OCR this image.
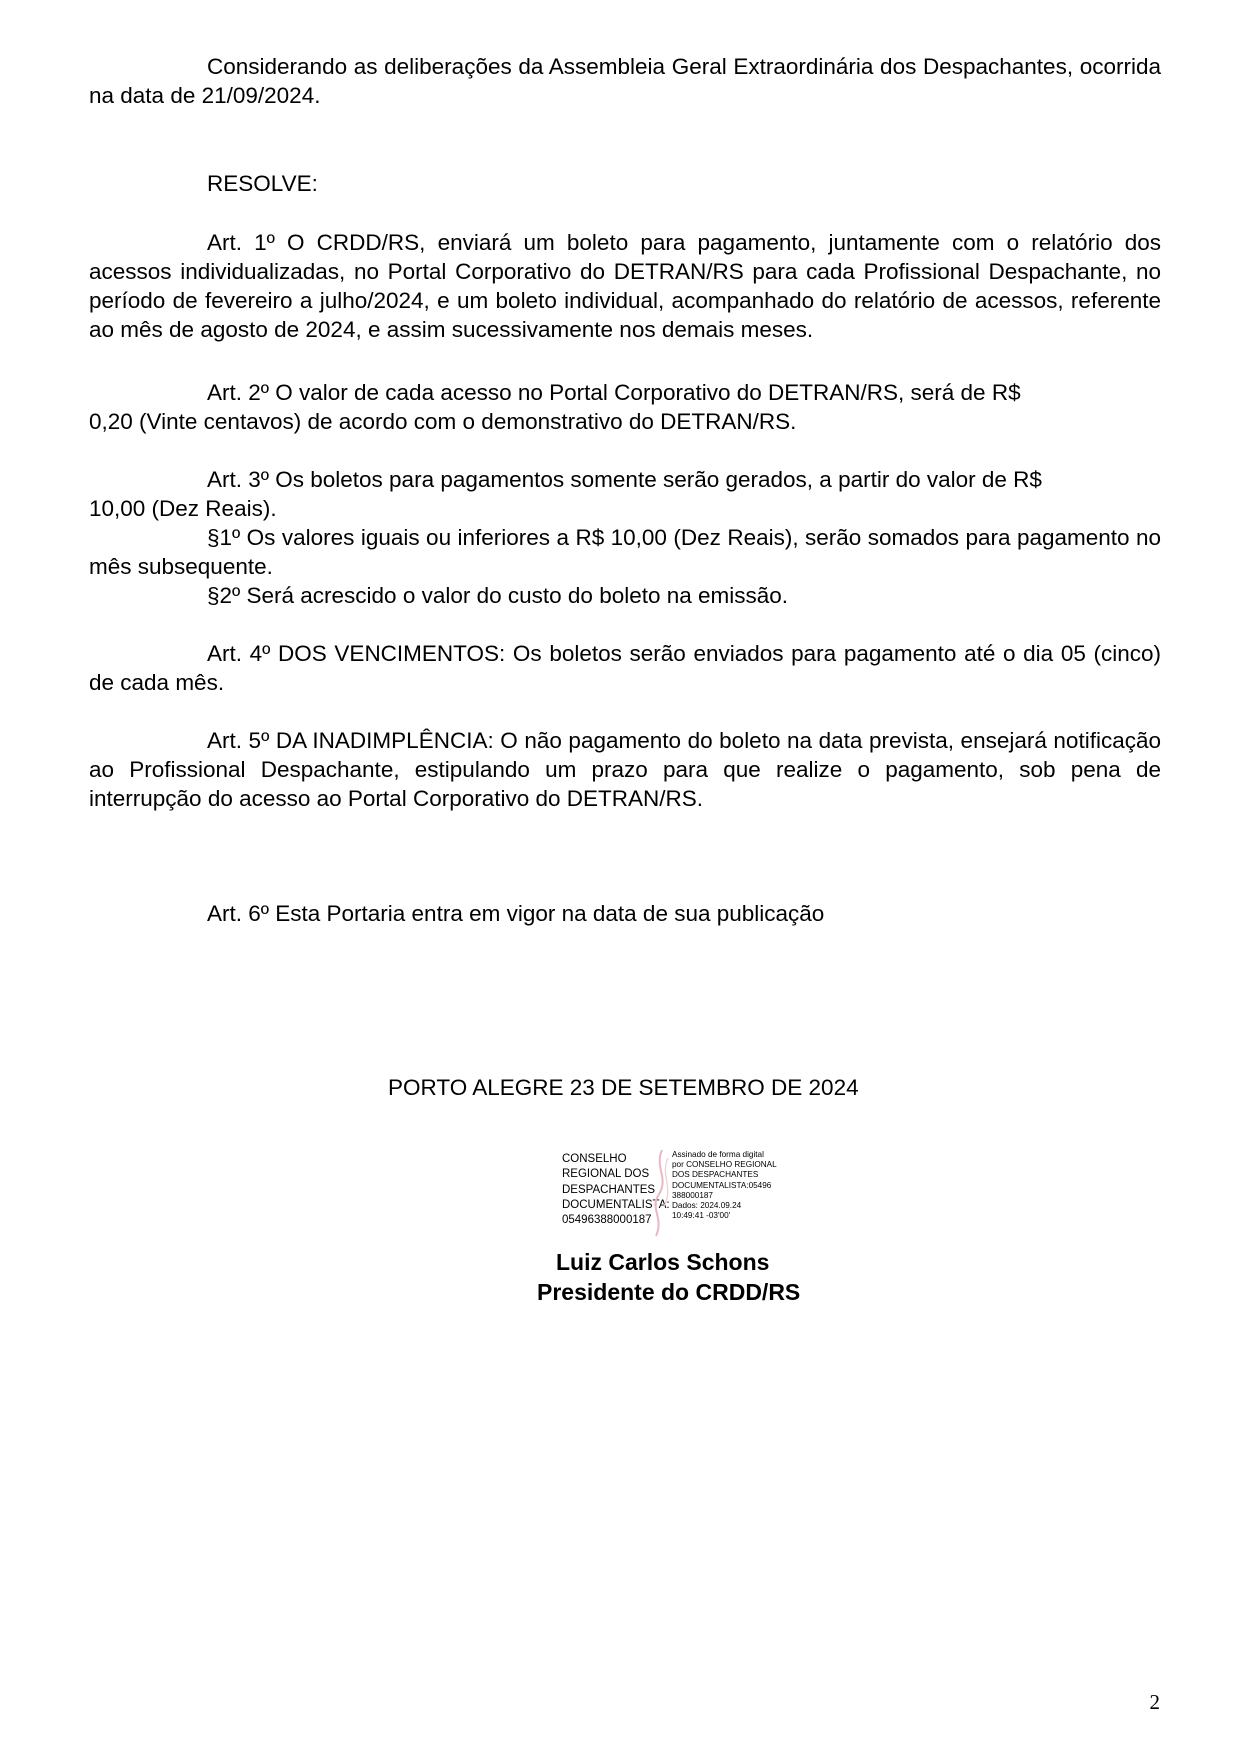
Considerando as deliberações da Assembleia Geral Extraordinária dos Despachantes, ocorrida na data de 21/09/2024.

RESOLVE:

Art. 1º O CRDD/RS, enviará um boleto para pagamento, juntamente com o relatório dos acessos individualizadas, no Portal Corporativo do DETRAN/RS para cada Profissional Despachante, no período de fevereiro a julho/2024, e um boleto individual, acompanhado do relatório de acessos, referente ao mês de agosto de 2024, e assim sucessivamente nos demais meses.

Art. 2º O valor de cada acesso no Portal Corporativo do DETRAN/RS, será de R$

0,20 (Vinte centavos) de acordo com o demonstrativo do DETRAN/RS.

Art. 3º Os boletos para pagamentos somente serão gerados, a partir do valor de R$

10,00 (Dez Reais).

§1º Os valores iguais ou inferiores a R$ 10,00 (Dez Reais), serão somados para pagamento no mês subsequente.

§2º Será acrescido o valor do custo do boleto na emissão.

Art. 4º DOS VENCIMENTOS: Os boletos serão enviados para pagamento até o dia 05 (cinco) de cada mês.

Art. 5º DA INADIMPLÊNCIA: O não pagamento do boleto na data prevista, ensejará notificação ao Profissional Despachante, estipulando um prazo para que realize o pagamento, sob pena de interrupção do acesso ao Portal Corporativo do DETRAN/RS.

Art. 6º Esta Portaria entra em vigor na data de sua publicação

PORTO ALEGRE 23 DE SETEMBRO DE 2024

CONSELHO
REGIONAL DOS
DESPACHANTES
DOCUMENTALISTA:
05496388000187
Assinado de forma digital
por CONSELHO REGIONAL
DOS DESPACHANTES
DOCUMENTALISTA:05496
388000187
Dados: 2024.09.24
10:49:41 -03'00'
Luiz Carlos Schons
Presidente do CRDD/RS
2
